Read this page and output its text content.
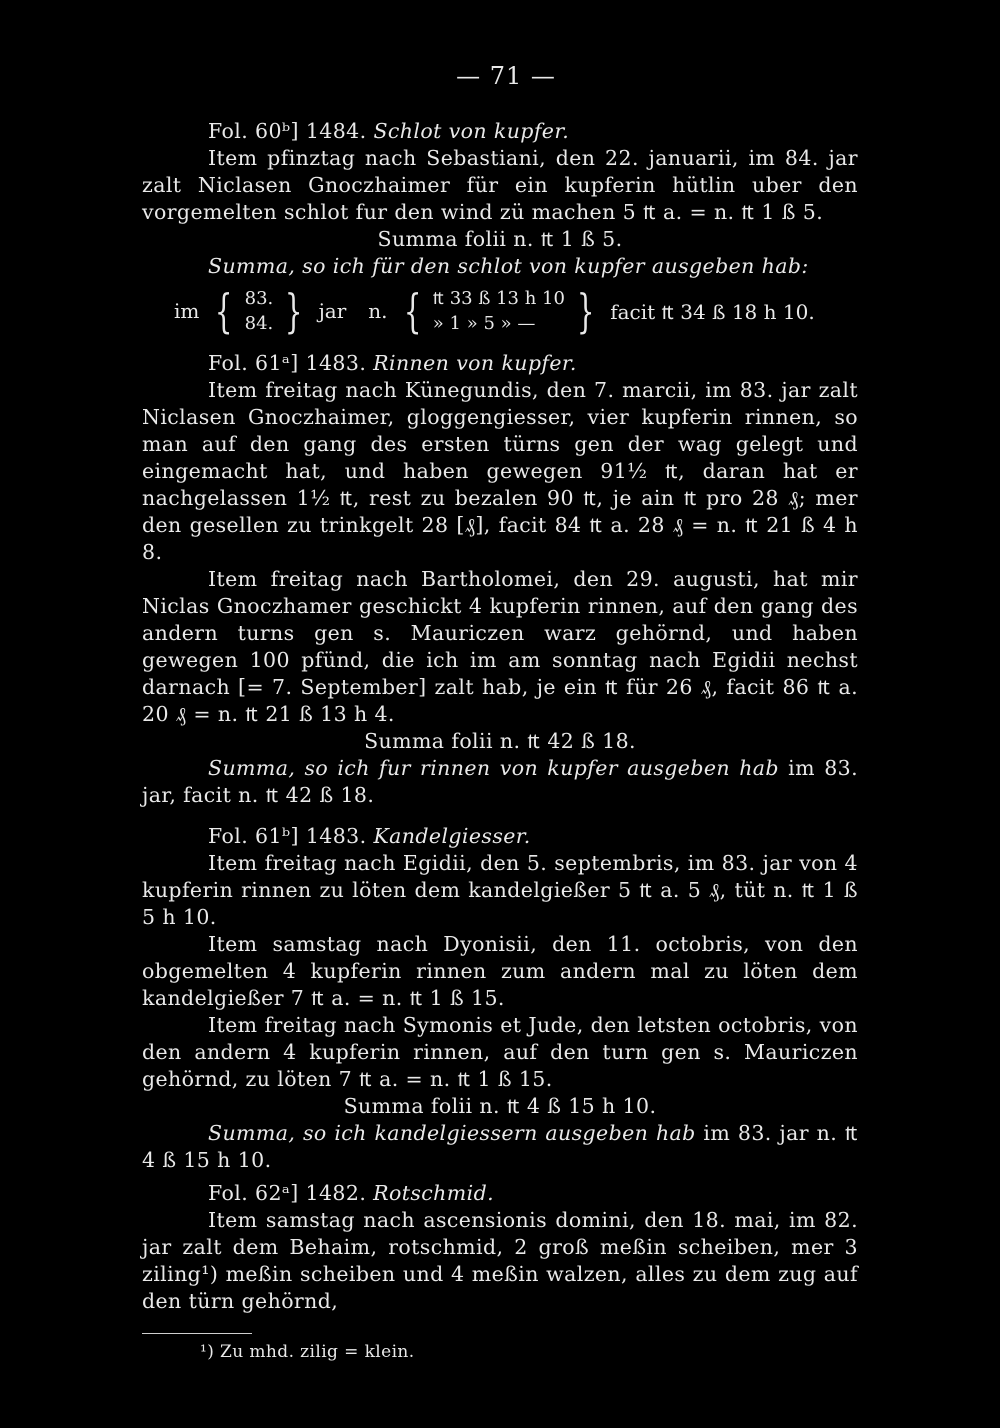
— 71 —

Fol. 60ᵇ] 1484. Schlot von kupfer.

Item pfinztag nach Sebastiani, den 22. januarii, im 84. jar zalt Niclasen Gnoczhaimer für ein kupferin hütlin uber den vorgemelten schlot fur den wind zü machen 5 ₶ a. = n. ₶ 1 ß 5.

Summa folii n. ₶ 1 ß 5.

Summa, so ich für den schlot von kupfer ausgeben hab:

im { 83.
84. } jar n. { ₶ 33 ß 13 h 10
» 1 » 5 » — } facit ₶ 34 ß 18 h 10.

Fol. 61ᵃ] 1483. Rinnen von kupfer.

Item freitag nach Künegundis, den 7. marcii, im 83. jar zalt Niclasen Gnoczhaimer, gloggengiesser, vier kupferin rinnen, so man auf den gang des ersten türns gen der wag gelegt und eingemacht hat, und haben gewegen 91½ ₶, daran hat er nachgelassen 1½ ₶, rest zu bezalen 90 ₶, je ain ₶ pro 28 ₰; mer den gesellen zu trinkgelt 28 [₰], facit 84 ₶ a. 28 ₰ = n. ₶ 21 ß 4 h 8.

Item freitag nach Bartholomei, den 29. augusti, hat mir Niclas Gnoczhamer geschickt 4 kupferin rinnen, auf den gang des andern turns gen s. Mauriczen warz gehörnd, und haben gewegen 100 pfünd, die ich im am sonntag nach Egidii nechst darnach [= 7. September] zalt hab, je ein ₶ für 26 ₰, facit 86 ₶ a. 20 ₰ = n. ₶ 21 ß 13 h 4.

Summa folii n. ₶ 42 ß 18.

Summa, so ich fur rinnen von kupfer ausgeben hab im 83. jar, facit n. ₶ 42 ß 18.

Fol. 61ᵇ] 1483. Kandelgiesser.

Item freitag nach Egidii, den 5. septembris, im 83. jar von 4 kupferin rinnen zu löten dem kandelgießer 5 ₶ a. 5 ₰, tüt n. ₶ 1 ß 5 h 10.

Item samstag nach Dyonisii, den 11. octobris, von den obgemelten 4 kupferin rinnen zum andern mal zu löten dem kandelgießer 7 ₶ a. = n. ₶ 1 ß 15.

Item freitag nach Symonis et Jude, den letsten octobris, von den andern 4 kupferin rinnen, auf den turn gen s. Mauriczen gehörnd, zu löten 7 ₶ a. = n. ₶ 1 ß 15.

Summa folii n. ₶ 4 ß 15 h 10.

Summa, so ich kandelgiessern ausgeben hab im 83. jar n. ₶ 4 ß 15 h 10.

Fol. 62ᵃ] 1482. Rotschmid.

Item samstag nach ascensionis domini, den 18. mai, im 82. jar zalt dem Behaim, rotschmid, 2 groß meßin scheiben, mer 3 ziling¹) meßin scheiben und 4 meßin walzen, alles zu dem zug auf den türn gehörnd,

¹) Zu mhd. zilig = klein.
